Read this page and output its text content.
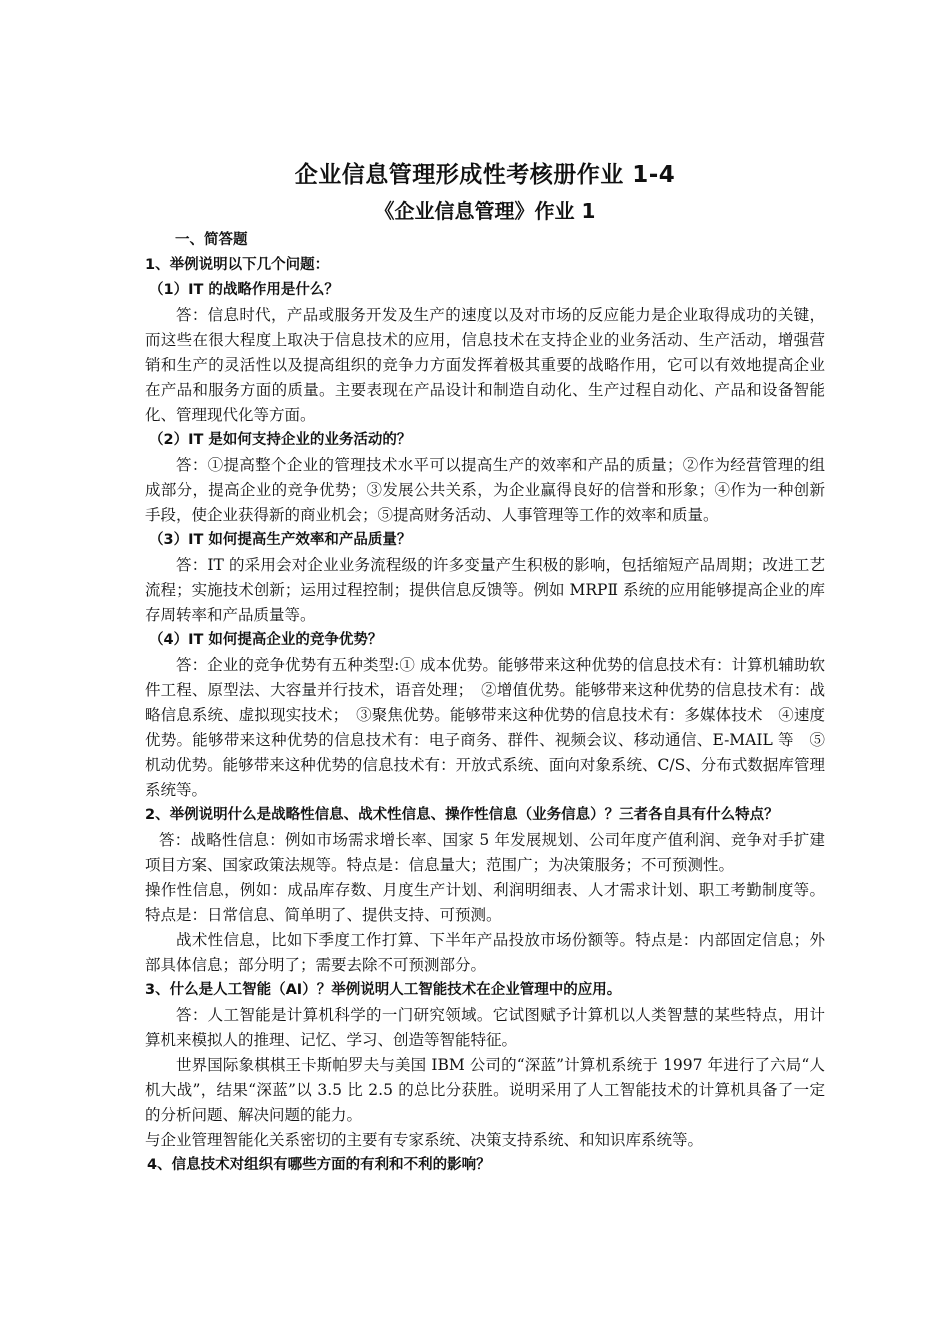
企业信息管理形成性考核册作业 1-4
《企业信息管理》作业 1
一、简答题
1、举例说明以下几个问题：
（1）IT 的战略作用是什么？

答：信息时代，产品或服务开发及生产的速度以及对市场的反应能力是企业取得成功的关键，而这些在很大程度上取决于信息技术的应用，信息技术在支持企业的业务活动、生产活动，增强营销和生产的灵活性以及提高组织的竞争力方面发挥着极其重要的战略作用，它可以有效地提高企业在产品和服务方面的质量。主要表现在产品设计和制造自动化、生产过程自动化、产品和设备智能化、管理现代化等方面。

（2）IT 是如何支持企业的业务活动的？

答：①提高整个企业的管理技术水平可以提高生产的效率和产品的质量；②作为经营管理的组成部分，提高企业的竞争优势；③发展公共关系，为企业赢得良好的信誉和形象；④作为一种创新手段，使企业获得新的商业机会；⑤提高财务活动、人事管理等工作的效率和质量。

（3）IT 如何提高生产效率和产品质量？

答：IT 的采用会对企业业务流程级的许多变量产生积极的影响，包括缩短产品周期；改进工艺流程；实施技术创新；运用过程控制；提供信息反馈等。例如 MRPⅡ 系统的应用能够提高企业的库存周转率和产品质量等。

（4）IT 如何提高企业的竞争优势？

答：企业的竞争优势有五种类型:① 成本优势。能够带来这种优势的信息技术有：计算机辅助软件工程、原型法、大容量并行技术，语音处理；　②增值优势。能够带来这种优势的信息技术有：战略信息系统、虚拟现实技术；　③聚焦优势。能够带来这种优势的信息技术有：多媒体技术　④速度优势。能够带来这种优势的信息技术有：电子商务、群件、视频会议、移动通信、E-MAIL 等　⑤机动优势。能够带来这种优势的信息技术有：开放式系统、面向对象系统、C/S、分布式数据库管理系统等。

2、举例说明什么是战略性信息、战术性信息、操作性信息（业务信息）？三者各自具有什么特点？

答：战略性信息：例如市场需求增长率、国家 5 年发展规划、公司年度产值利润、竞争对手扩建项目方案、国家政策法规等。特点是：信息量大；范围广；为决策服务；不可预测性。

操作性信息，例如：成品库存数、月度生产计划、利润明细表、人才需求计划、职工考勤制度等。特点是：日常信息、简单明了、提供支持、可预测。

战术性信息，比如下季度工作打算、下半年产品投放市场份额等。特点是：内部固定信息；外部具体信息；部分明了；需要去除不可预测部分。

3、什么是人工智能（AI）？举例说明人工智能技术在企业管理中的应用。

答：人工智能是计算机科学的一门研究领域。它试图赋予计算机以人类智慧的某些特点，用计算机来模拟人的推理、记忆、学习、创造等智能特征。

世界国际象棋棋王卡斯帕罗夫与美国 IBM 公司的“深蓝”计算机系统于 1997 年进行了六局“人机大战”，结果“深蓝”以 3.5 比 2.5 的总比分获胜。说明采用了人工智能技术的计算机具备了一定的分析问题、解决问题的能力。

与企业管理智能化关系密切的主要有专家系统、决策支持系统、和知识库系统等。

4、信息技术对组织有哪些方面的有利和不利的影响？
